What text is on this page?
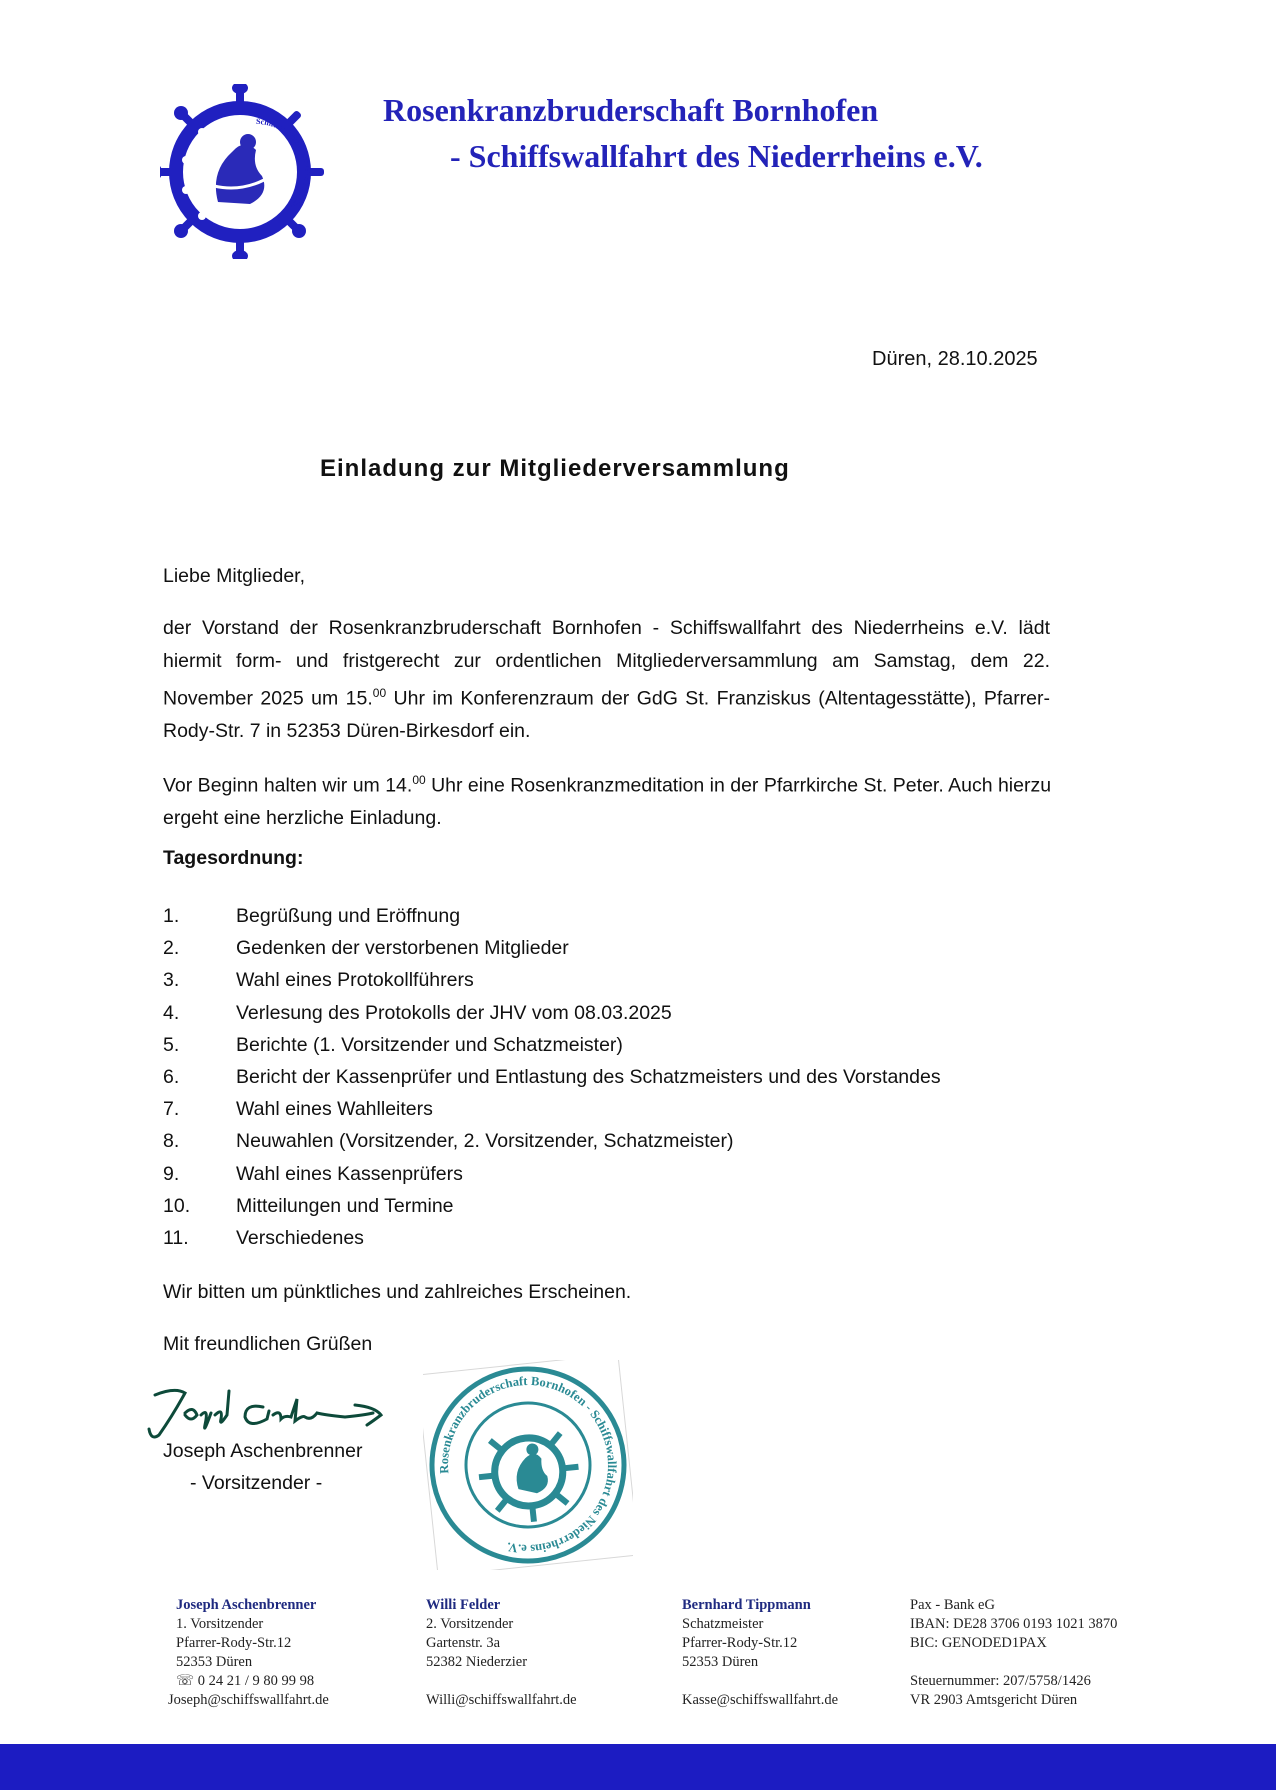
Schiffswallfahrt des Niederrheins
Rosenkranzbruderschaft Bornhofen
- Schiffswallfahrt des Niederrheins e.V.
Düren, 28.10.2025
Einladung zur Mitgliederversammlung
Liebe Mitglieder,
der Vorstand der Rosenkranzbruderschaft Bornhofen - Schiffswallfahrt des Niederrheins e.V. lädt hiermit form- und fristgerecht zur ordentlichen Mitgliederversammlung am Samstag, dem 22. November 2025 um 15.00 Uhr im Konferenzraum der GdG St. Franziskus (Altentagesstätte), Pfarrer-Rody-Str. 7 in 52353 Düren-Birkesdorf ein.
Vor Beginn halten wir um 14.00 Uhr eine Rosenkranzmeditation in der Pfarrkirche St. Peter. Auch hierzu ergeht eine herzliche Einladung.
Tagesordnung:
1.	Begrüßung und Eröffnung
2.	Gedenken der verstorbenen Mitglieder
3.	Wahl eines Protokollführers
4.	Verlesung des Protokolls der JHV vom 08.03.2025
5.	Berichte (1. Vorsitzender und Schatzmeister)
6.	Bericht der Kassenprüfer und Entlastung des Schatzmeisters und des Vorstandes
7.	Wahl eines Wahlleiters
8.	Neuwahlen (Vorsitzender, 2. Vorsitzender, Schatzmeister)
9.	Wahl eines Kassenprüfers
10. Mitteilungen und Termine
11. Verschiedenes
Wir bitten um pünktliches und zahlreiches Erscheinen.
Mit freundlichen Grüßen
Joseph Aschenbrenner
- Vorsitzender -
Rosenkranzbruderschaft Bornhofen - Schiffswallfahrt des Niederrheins e.V.
Joseph Aschenbrenner
1. Vorsitzender
Pfarrer-Rody-Str.12
52353 Düren
☏ 0 24 21 / 9 80 99 98
Joseph@schiffswallfahrt.de
Willi Felder
2. Vorsitzender
Gartenstr. 3a
52382 Niederzier

Willi@schiffswallfahrt.de
Bernhard Tippmann
Schatzmeister
Pfarrer-Rody-Str.12
52353 Düren

Kasse@schiffswallfahrt.de
Pax - Bank eG
IBAN: DE28 3706 0193 1021 3870
BIC: GENODED1PAX

Steuernummer: 207/5758/1426
VR 2903 Amtsgericht Düren
